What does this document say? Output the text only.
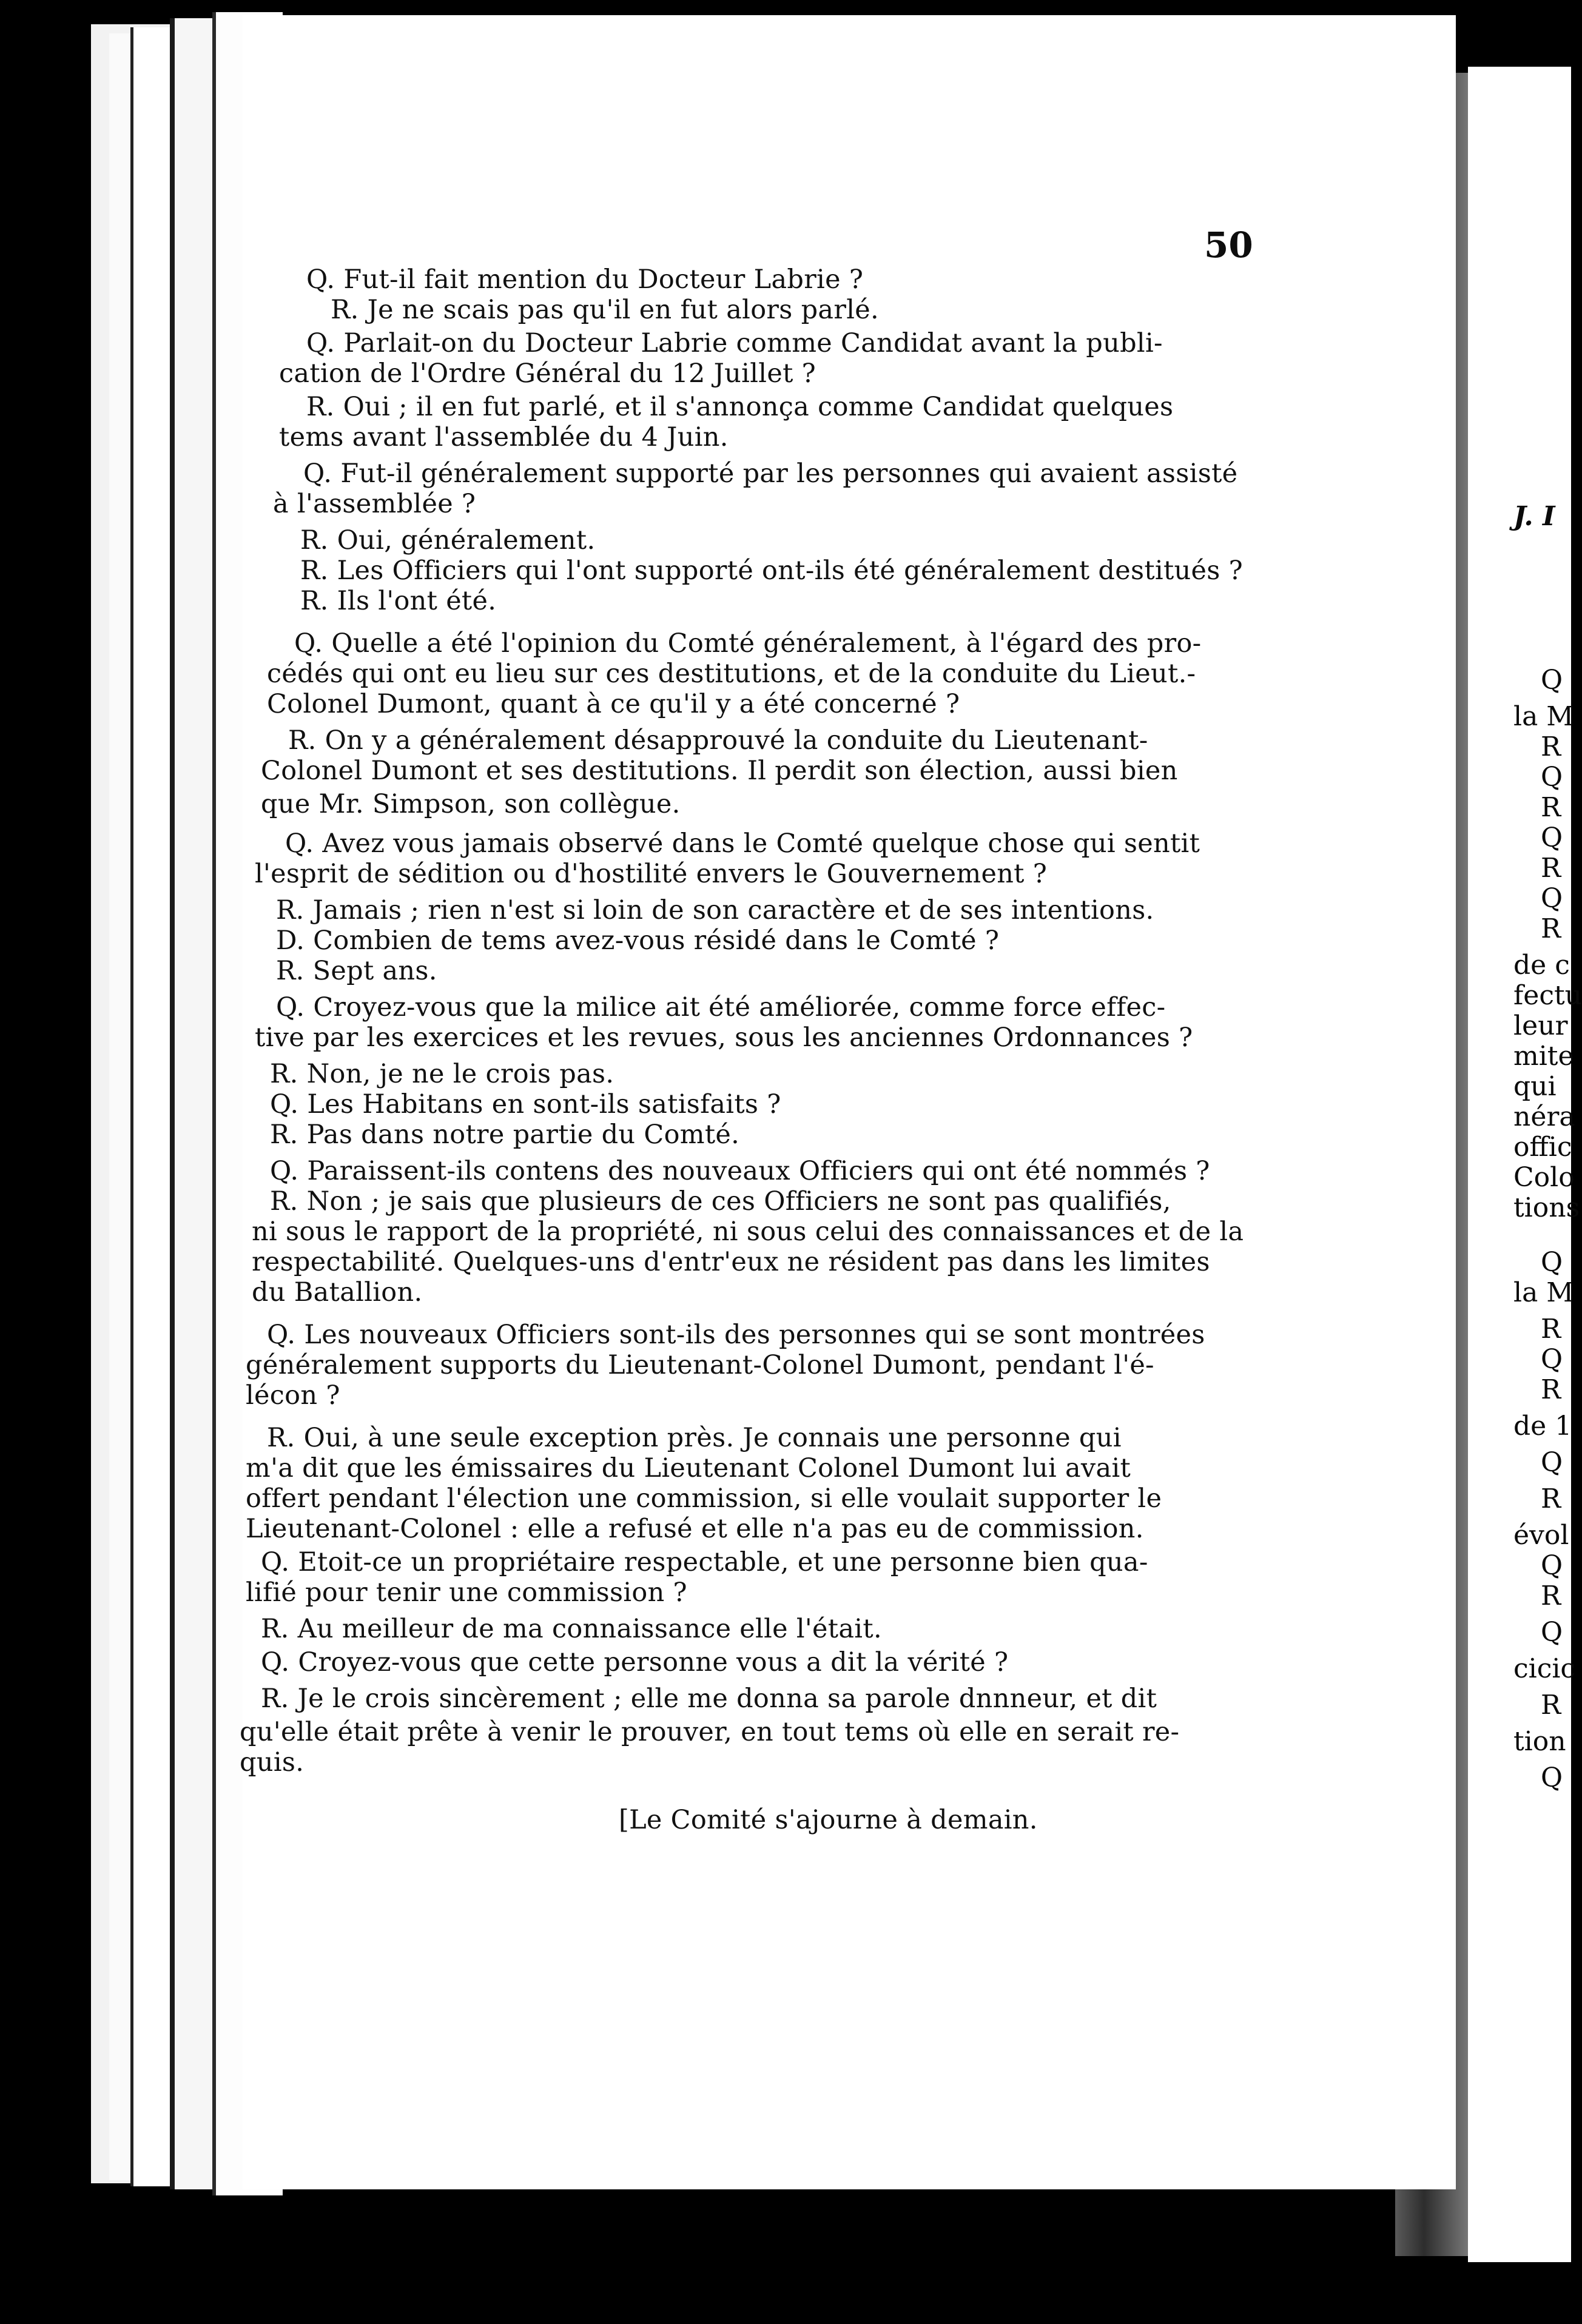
J. I
Q
la M
R
Q
R
Q
R
Q
R
de c
fectu
leur
mite
qui
néra
offic
Colo
tions
Q
la M
R
Q
R
de 1
Q
R
évol
Q
R
Q
cicic
R
tion
Q
50
Q. Fut-il fait mention du Docteur Labrie ?
R. Je ne scais pas qu'il en fut alors parlé.
Q. Parlait-on du Docteur Labrie comme Candidat avant la publi-
cation de l'Ordre Général du 12 Juillet ?
R. Oui ; il en fut parlé, et il s'annonça comme Candidat quelques
tems avant l'assemblée du 4 Juin.
Q. Fut-il généralement supporté par les personnes qui avaient assisté
à l'assemblée ?
R. Oui, généralement.
R. Les Officiers qui l'ont supporté ont-ils été généralement destitués ?
R. Ils l'ont été.
Q. Quelle a été l'opinion du Comté généralement, à l'égard des pro-
cédés qui ont eu lieu sur ces destitutions, et de la conduite du Lieut.-
Colonel Dumont, quant à ce qu'il y a été concerné ?
R. On y a généralement désapprouvé la conduite du Lieutenant-
Colonel Dumont et ses destitutions. Il perdit son élection, aussi bien
que Mr. Simpson, son collègue.
Q. Avez vous jamais observé dans le Comté quelque chose qui sentit
l'esprit de sédition ou d'hostilité envers le Gouvernement ?
R. Jamais ; rien n'est si loin de son caractère et de ses intentions.
D. Combien de tems avez-vous résidé dans le Comté ?
R. Sept ans.
Q. Croyez-vous que la milice ait été améliorée, comme force effec-
tive par les exercices et les revues, sous les anciennes Ordonnances ?
R. Non, je ne le crois pas.
Q. Les Habitans en sont-ils satisfaits ?
R. Pas dans notre partie du Comté.
Q. Paraissent-ils contens des nouveaux Officiers qui ont été nommés ?
R. Non ; je sais que plusieurs de ces Officiers ne sont pas qualifiés,
ni sous le rapport de la propriété, ni sous celui des connaissances et de la
respectabilité. Quelques-uns d'entr'eux ne résident pas dans les limites
du Batallion.
Q. Les nouveaux Officiers sont-ils des personnes qui se sont montrées
généralement supports du Lieutenant-Colonel Dumont, pendant l'é-
lécon ?
R. Oui, à une seule exception près. Je connais une personne qui
m'a dit que les émissaires du Lieutenant Colonel Dumont lui avait
offert pendant l'élection une commission, si elle voulait supporter le
Lieutenant-Colonel : elle a refusé et elle n'a pas eu de commission.
Q. Etoit-ce un propriétaire respectable, et une personne bien qua-
lifié pour tenir une commission ?
R. Au meilleur de ma connaissance elle l'était.
Q. Croyez-vous que cette personne vous a dit la vérité ?
R. Je le crois sincèrement ; elle me donna sa parole dnnneur, et dit
qu'elle était prête à venir le prouver, en tout tems où elle en serait re-
quis.
[Le Comité s'ajourne à demain.
